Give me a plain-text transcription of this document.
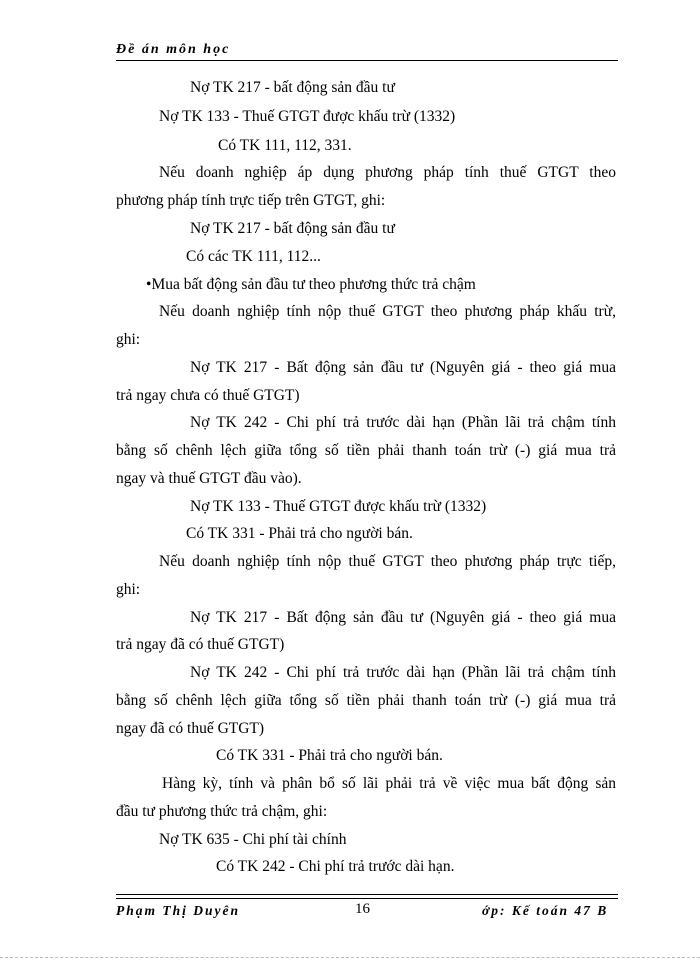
Đề án môn học
Nợ TK 217 - bất động sản đầu tư
Nợ TK 133 - Thuế GTGT được khấu trừ (1332)
Có TK 111, 112, 331.
Nếu doanh nghiệp áp dụng phương pháp tính thuế GTGT theo
phương pháp tính trực tiếp trên GTGT, ghi:
Nợ TK 217 - bất động sản đầu tư
Có các TK 111, 112...
•Mua bất động sản đầu tư theo phương thức trả chậm
Nếu doanh nghiệp tính nộp thuế GTGT theo phương pháp khấu trừ,
ghi:
Nợ TK 217 - Bất động sản đầu tư (Nguyên giá - theo giá mua
trả ngay chưa có thuế GTGT)
Nợ TK 242 - Chi phí trả trước dài hạn (Phần lãi trả chậm tính
bằng số chênh lệch giữa tổng số tiền phải thanh toán trừ (-) giá mua trả
ngay và thuế GTGT đầu vào).
Nợ TK 133 - Thuế GTGT được khấu trừ (1332)
Có TK 331 - Phải trả cho người bán.
Nếu doanh nghiệp tính nộp thuế GTGT theo phương pháp trực tiếp,
ghi:
Nợ TK 217 - Bất động sản đầu tư (Nguyên giá - theo giá mua
trả ngay đã có thuế GTGT)
Nợ TK 242 - Chi phí trả trước dài hạn (Phần lãi trả chậm tính
bằng số chênh lệch giữa tổng số tiền phải thanh toán trừ (-) giá mua trả
ngay đã có thuế GTGT)
Có TK 331 - Phải trả cho người bán.
Hàng kỳ, tính và phân bổ số lãi phải trả về việc mua bất động sản
đầu tư phương thức trả chậm, ghi:
Nợ TK 635 - Chi phí tài chính
Có TK 242 - Chi phí trả trước dài hạn.
Phạm Thị Duyên	16	ớp: Kế toán 47 B
